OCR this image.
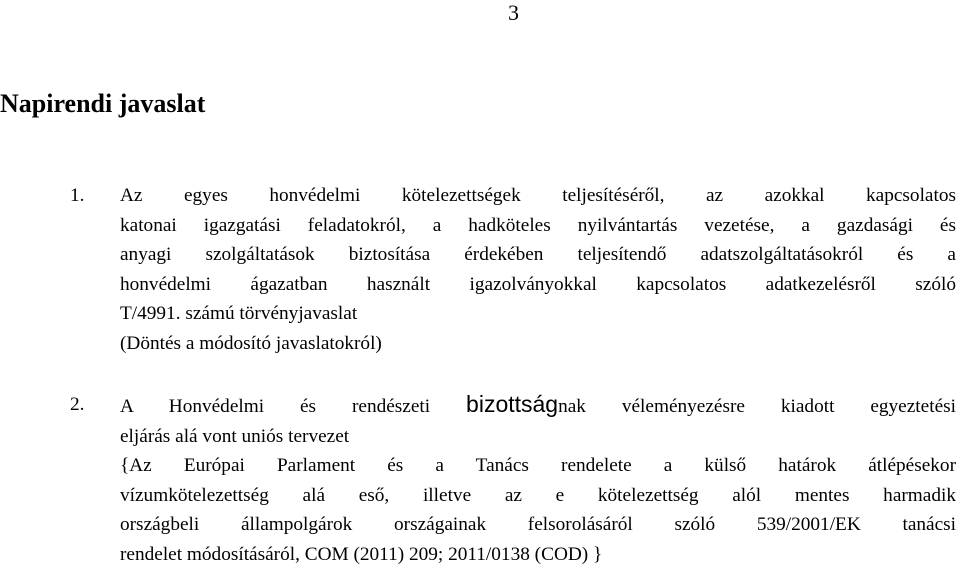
3
Napirendi javaslat
1. Az egyes honvédelmi kötelezettségek teljesítéséről, az azokkal kapcsolatos
katonai igazgatási feladatokról, a hadköteles nyilvántartás vezetése, a gazdasági és
anyagi szolgáltatások biztosítása érdekében teljesítendő adatszolgáltatásokról és a
honvédelmi ágazatban használt igazolványokkal kapcsolatos adatkezelésről szóló
T/4991. számú törvényjavaslat
(Döntés a módosító javaslatokról)
2. A Honvédelmi és rendészeti bizottságnak véleményezésre kiadott egyeztetési
eljárás alá vont uniós tervezet
{Az Európai Parlament és a Tanács rendelete a külső határok átlépésekor
vízumkötelezettség alá eső, illetve az e kötelezettség alól mentes harmadik
országbeli állampolgárok országainak felsorolásáról szóló 539/2001/EK tanácsi
rendelet módosításáról, COM (2011) 209; 2011/0138 (COD) }
